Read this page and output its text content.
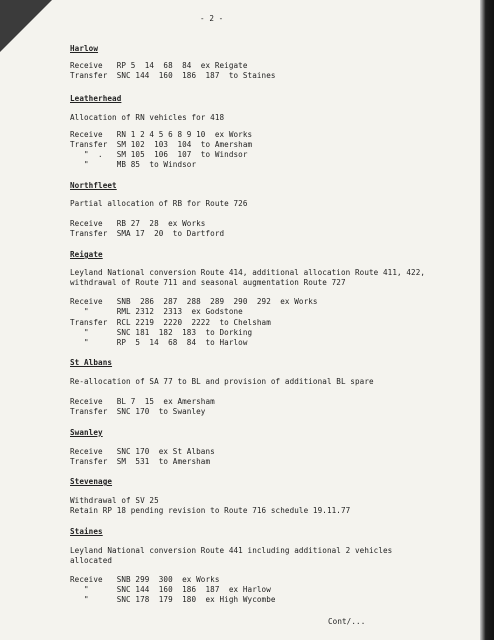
- 2 -
Harlow
Receive   RP 5  14  68  84  ex Reigate
Transfer  SNC 144  160  186  187  to Staines
Leatherhead
Allocation of RN vehicles for 418
Receive   RN 1 2 4 5 6 8 9 10  ex Works
Transfer  SM 102  103  104  to Amersham
"  .   SM 105  106  107  to Windsor
"      MB 85  to Windsor
Northfleet
Partial allocation of RB for Route 726
Receive   RB 27  28  ex Works
Transfer  SMA 17  20  to Dartford
Reigate
Leyland National conversion Route 414, additional allocation Route 411, 422,
withdrawal of Route 711 and seasonal augmentation Route 727
Receive   SNB  286  287  288  289  290  292  ex Works
"      RML 2312  2313  ex Godstone
Transfer  RCL 2219  2220  2222  to Chelsham
"      SNC 181  182  183  to Dorking
"      RP  5  14  68  84  to Harlow
St Albans
Re-allocation of SA 77 to BL and provision of additional BL spare
Receive   BL 7  15  ex Amersham
Transfer  SNC 170  to Swanley
Swanley
Receive   SNC 170  ex St Albans
Transfer  SM  531  to Amersham
Stevenage
Withdrawal of SV 25
Retain RP 18 pending revision to Route 716 schedule 19.11.77
Staines
Leyland National conversion Route 441 including additional 2 vehicles
allocated
Receive   SNB 299  300  ex Works
"      SNC 144  160  186  187  ex Harlow
"      SNC 178  179  180  ex High Wycombe
Cont/...
